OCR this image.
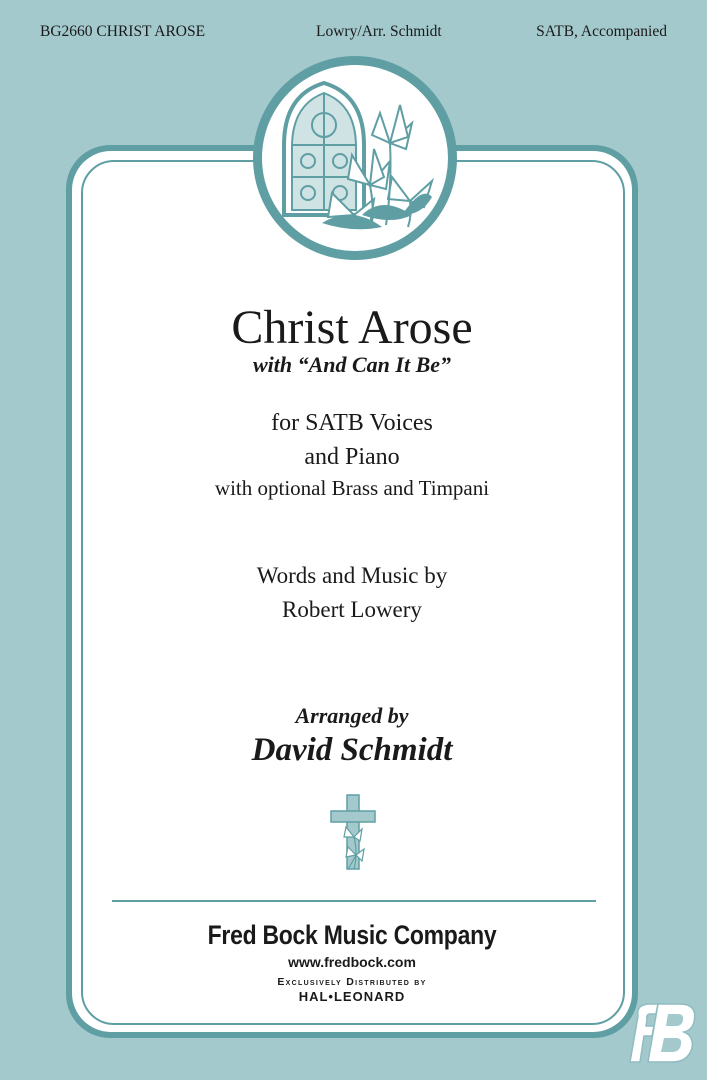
BG2660 CHRIST AROSE	Lowry/Arr. Schmidt	SATB, Accompanied
Christ Arose
with “And Can It Be”
for SATB Voices
and Piano
with optional Brass and Timpani
Words and Music by
Robert Lowery
Arranged by
David Schmidt
Fred Bock Music Company
www.fredbock.com
Exclusively Distributed by
HAL•LEONARD	fB
